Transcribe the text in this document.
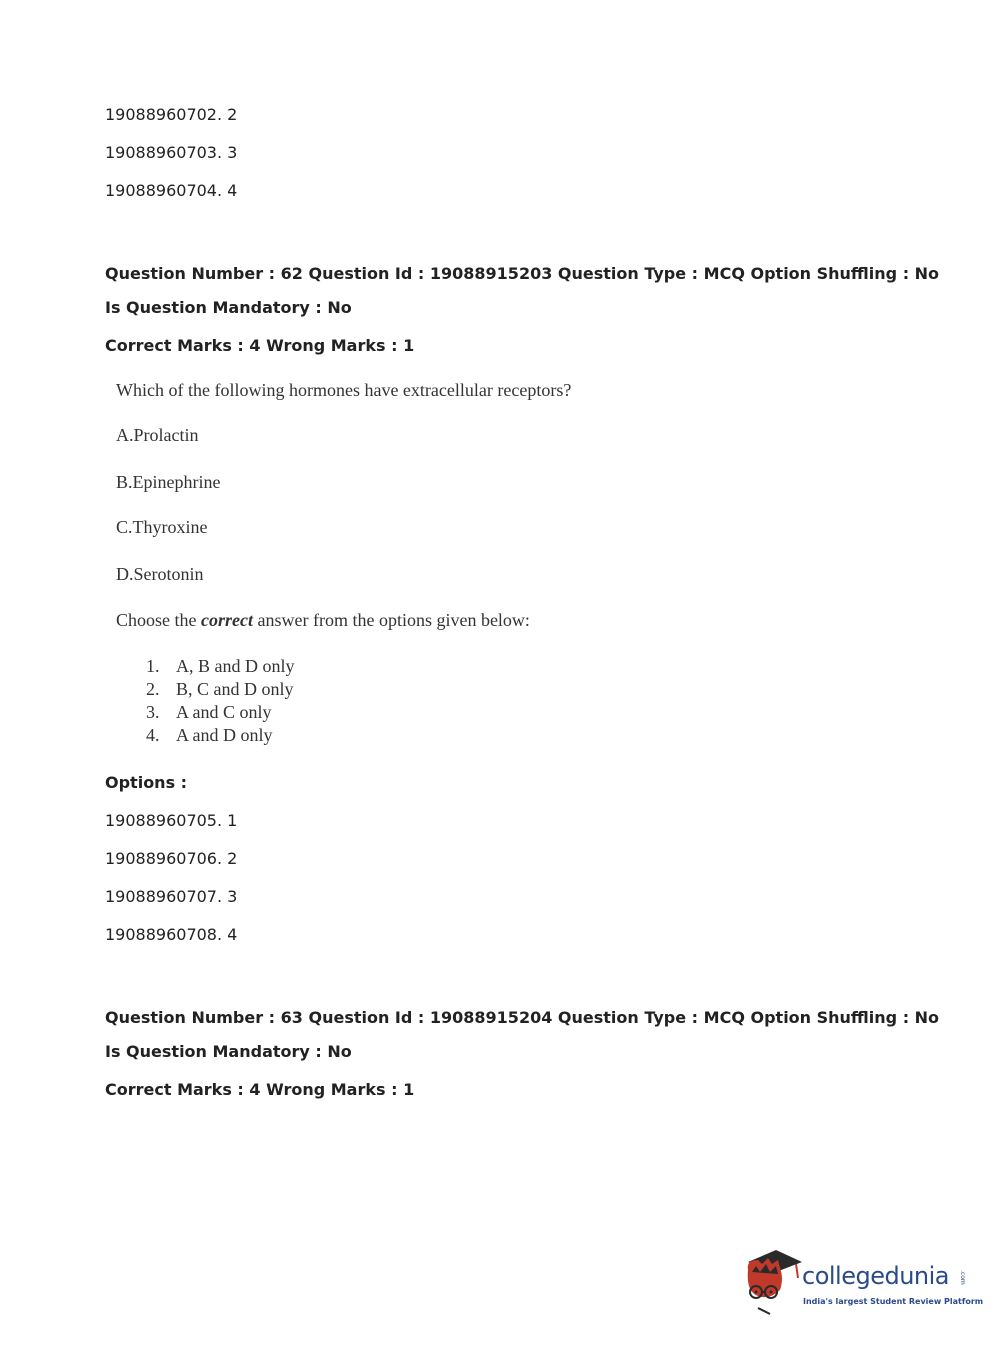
19088960702. 2
19088960703. 3
19088960704. 4
Question Number : 62 Question Id : 19088915203 Question Type : MCQ Option Shuffling : No
Is Question Mandatory : No
Correct Marks : 4 Wrong Marks : 1
Which of the following hormones have extracellular receptors?
A.Prolactin
B.Epinephrine
C.Thyroxine
D.Serotonin
Choose the correct answer from the options given below:
1. A, B and D only
2. B, C and D only
3. A and C only
4. A and D only
Options :
19088960705. 1
19088960706. 2
19088960707. 3
19088960708. 4
Question Number : 63 Question Id : 19088915204 Question Type : MCQ Option Shuffling : No
Is Question Mandatory : No
Correct Marks : 4 Wrong Marks : 1
collegedunia .com
India's largest Student Review Platform
